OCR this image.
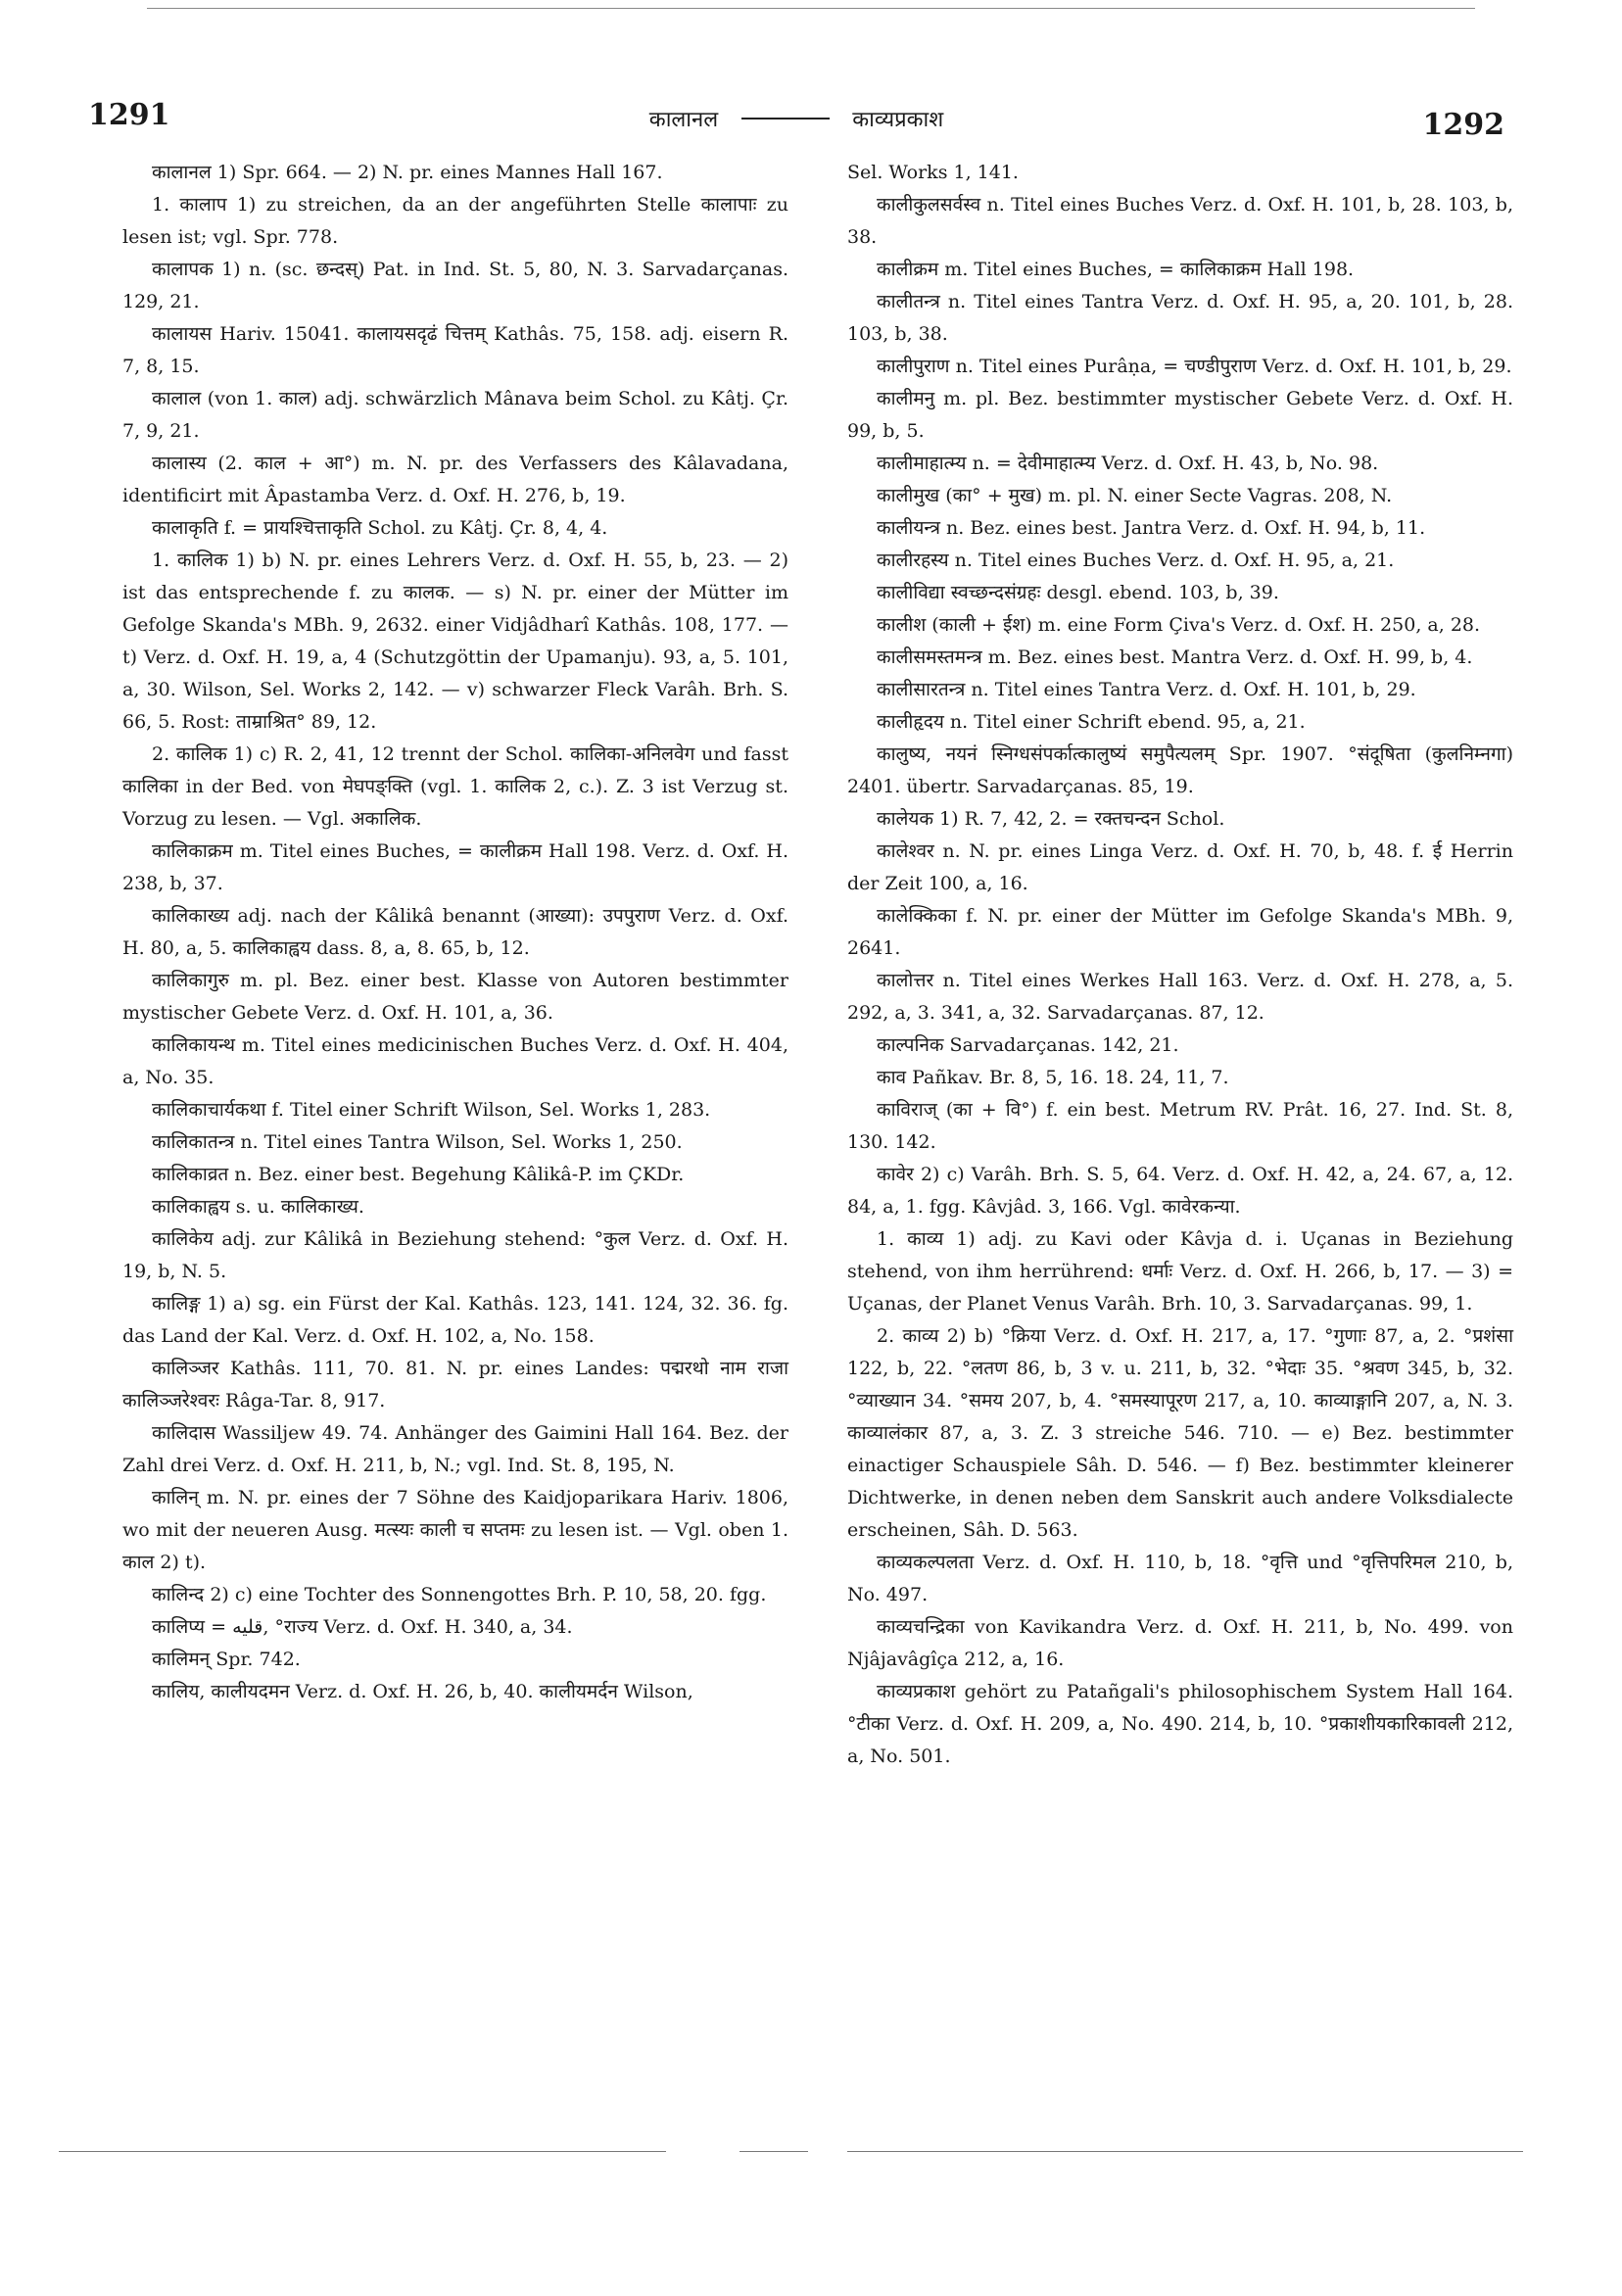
1291	कालानल	काव्यप्रकाश	1292
कालानल 1) Spr. 664. — 2) N. pr. eines Mannes Hall 167.
1. कालाप 1) zu streichen, da an der angeführten Stelle कालापाः zu lesen ist; vgl. Spr. 778.
कालापक 1) n. (sc. छन्दस्) Pat. in Ind. St. 5, 80, N. 3. Sarvadarçanas. 129, 21.
कालायस Hariv. 15041. कालायसदृढं चित्तम् Kathâs. 75, 158. adj. eisern R. 7, 8, 15.
कालाल (von 1. काल) adj. schwärzlich Mânava beim Schol. zu Kâtj. Çr. 7, 9, 21.
कालास्य (2. काल + आ°) m. N. pr. des Verfassers des Kâlavadana, identificirt mit Âpastamba Verz. d. Oxf. H. 276, b, 19.
कालाकृति f. = प्रायश्चित्ताकृति Schol. zu Kâtj. Çr. 8, 4, 4.
1. कालिक 1) b) N. pr. eines Lehrers Verz. d. Oxf. H. 55, b, 23. — 2) ist das entsprechende f. zu कालक. — s) N. pr. einer der Mütter im Gefolge Skanda's MBh. 9, 2632. einer Vidjâdharî Kathâs. 108, 177. — t) Verz. d. Oxf. H. 19, a, 4 (Schutzgöttin der Upamanju). 93, a, 5. 101, a, 30. Wilson, Sel. Works 2, 142. — v) schwarzer Fleck Varâh. Brh. S. 66, 5. Rost: ताम्राश्रित° 89, 12.
2. कालिक 1) c) R. 2, 41, 12 trennt der Schol. कालिका-अनिलवेग und fasst कालिका in der Bed. von मेघपङ्क्ति (vgl. 1. कालिक 2, c.). Z. 3 ist Verzug st. Vorzug zu lesen. — Vgl. अकालिक.
कालिकाक्रम m. Titel eines Buches, = कालीक्रम Hall 198. Verz. d. Oxf. H. 238, b, 37.
कालिकाख्य adj. nach der Kâlikâ benannt (आख्या): उपपुराण Verz. d. Oxf. H. 80, a, 5. कालिकाह्वय dass. 8, a, 8. 65, b, 12.
कालिकागुरु m. pl. Bez. einer best. Klasse von Autoren bestimmter mystischer Gebete Verz. d. Oxf. H. 101, a, 36.
कालिकायन्थ m. Titel eines medicinischen Buches Verz. d. Oxf. H. 404, a, No. 35.
कालिकाचार्यकथा f. Titel einer Schrift Wilson, Sel. Works 1, 283.
कालिकातन्त्र n. Titel eines Tantra Wilson, Sel. Works 1, 250.
कालिकाव्रत n. Bez. einer best. Begehung Kâlikâ-P. im ÇKDr.
कालिकाह्वय s. u. कालिकाख्य.
कालिकेय adj. zur Kâlikâ in Beziehung stehend: °कुल Verz. d. Oxf. H. 19, b, N. 5.
कालिङ्ग 1) a) sg. ein Fürst der Kal. Kathâs. 123, 141. 124, 32. 36. fg. das Land der Kal. Verz. d. Oxf. H. 102, a, No. 158.
कालिञ्जर Kathâs. 111, 70. 81. N. pr. eines Landes: पद्मरथो नाम राजा कालिञ्जरेश्वरः Râga-Tar. 8, 917.
कालिदास Wassiljew 49. 74. Anhänger des Gaimini Hall 164. Bez. der Zahl drei Verz. d. Oxf. H. 211, b, N.; vgl. Ind. St. 8, 195, N.
कालिन् m. N. pr. eines der 7 Söhne des Kaidjoparikara Hariv. 1806, wo mit der neueren Ausg. मत्स्यः काली च सप्तमः zu lesen ist. — Vgl. oben 1. काल 2) t).
कालिन्द 2) c) eine Tochter des Sonnengottes Brh. P. 10, 58, 20. fgg.
कालिप्य = قليه, °राज्य Verz. d. Oxf. H. 340, a, 34.
कालिमन् Spr. 742.
कालिय, कालीयदमन Verz. d. Oxf. H. 26, b, 40. कालीयमर्दन Wilson,
Sel. Works 1, 141.
कालीकुलसर्वस्व n. Titel eines Buches Verz. d. Oxf. H. 101, b, 28. 103, b, 38.
कालीक्रम m. Titel eines Buches, = कालिकाक्रम Hall 198.
कालीतन्त्र n. Titel eines Tantra Verz. d. Oxf. H. 95, a, 20. 101, b, 28. 103, b, 38.
कालीपुराण n. Titel eines Purâṇa, = चण्डीपुराण Verz. d. Oxf. H. 101, b, 29.
कालीमनु m. pl. Bez. bestimmter mystischer Gebete Verz. d. Oxf. H. 99, b, 5.
कालीमाहात्म्य n. = देवीमाहात्म्य Verz. d. Oxf. H. 43, b, No. 98.
कालीमुख (का° + मुख) m. pl. N. einer Secte Vagras. 208, N.
कालीयन्त्र n. Bez. eines best. Jantra Verz. d. Oxf. H. 94, b, 11.
कालीरहस्य n. Titel eines Buches Verz. d. Oxf. H. 95, a, 21.
कालीविद्या स्वच्छन्दसंग्रहः desgl. ebend. 103, b, 39.
कालीश (काली + ईश) m. eine Form Çiva's Verz. d. Oxf. H. 250, a, 28.
कालीसमस्तमन्त्र m. Bez. eines best. Mantra Verz. d. Oxf. H. 99, b, 4.
कालीसारतन्त्र n. Titel eines Tantra Verz. d. Oxf. H. 101, b, 29.
कालीहृदय n. Titel einer Schrift ebend. 95, a, 21.
कालुष्य, नयनं स्निग्धसंपर्कात्कालुष्यं समुपैत्यलम् Spr. 1907. °संदूषिता (कुलनिम्नगा) 2401. übertr. Sarvadarçanas. 85, 19.
कालेयक 1) R. 7, 42, 2. = रक्तचन्दन Schol.
कालेश्वर n. N. pr. eines Linga Verz. d. Oxf. H. 70, b, 48. f. ई Herrin der Zeit 100, a, 16.
कालेक्किका f. N. pr. einer der Mütter im Gefolge Skanda's MBh. 9, 2641.
कालोत्तर n. Titel eines Werkes Hall 163. Verz. d. Oxf. H. 278, a, 5. 292, a, 3. 341, a, 32. Sarvadarçanas. 87, 12.
काल्पनिक Sarvadarçanas. 142, 21.
काव Pañkav. Br. 8, 5, 16. 18. 24, 11, 7.
काविराज् (का + वि°) f. ein best. Metrum RV. Prât. 16, 27. Ind. St. 8, 130. 142.
कावेर 2) c) Varâh. Brh. S. 5, 64. Verz. d. Oxf. H. 42, a, 24. 67, a, 12. 84, a, 1. fgg. Kâvjâd. 3, 166. Vgl. कावेरकन्या.
1. काव्य 1) adj. zu Kavi oder Kâvja d. i. Uçanas in Beziehung stehend, von ihm herrührend: धर्माः Verz. d. Oxf. H. 266, b, 17. — 3) = Uçanas, der Planet Venus Varâh. Brh. 10, 3. Sarvadarçanas. 99, 1.
2. काव्य 2) b) °क्रिया Verz. d. Oxf. H. 217, a, 17. °गुणाः 87, a, 2. °प्रशंसा 122, b, 22. °लतण 86, b, 3 v. u. 211, b, 32. °भेदाः 35. °श्रवण 345, b, 32. °व्याख्यान 34. °समय 207, b, 4. °समस्यापूरण 217, a, 10. काव्याङ्गानि 207, a, N. 3. काव्यालंकार 87, a, 3. Z. 3 streiche 546. 710. — e) Bez. bestimmter einactiger Schauspiele Sâh. D. 546. — f) Bez. bestimmter kleinerer Dichtwerke, in denen neben dem Sanskrit auch andere Volksdialecte erscheinen, Sâh. D. 563.
काव्यकल्पलता Verz. d. Oxf. H. 110, b, 18. °वृत्ति und °वृत्तिपरिमल 210, b, No. 497.
काव्यचन्द्रिका von Kavikandra Verz. d. Oxf. H. 211, b, No. 499. von Njâjavâgîça 212, a, 16.
काव्यप्रकाश gehört zu Patañgali's philosophischem System Hall 164. °टीका Verz. d. Oxf. H. 209, a, No. 490. 214, b, 10. °प्रकाशीयकारिकावली 212, a, No. 501.
